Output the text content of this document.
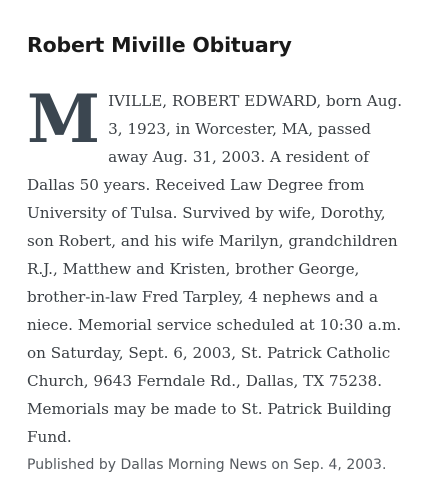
Robert Miville Obituary

MIVILLE, ROBERT EDWARD, born Aug. 3, 1923, in Worcester, MA, passed away Aug. 31, 2003. A resident of Dallas 50 years. Received Law Degree from University of Tulsa. Survived by wife, Dorothy, son Robert, and his wife Marilyn, grandchildren R.J., Matthew and Kristen, brother George, brother-in-law Fred Tarpley, 4 nephews and a niece. Memorial service scheduled at 10:30 a.m. on Saturday, Sept. 6, 2003, St. Patrick Catholic Church, 9643 Ferndale Rd., Dallas, TX 75238. Memorials may be made to St. Patrick Building Fund.

Published by Dallas Morning News on Sep. 4, 2003.
